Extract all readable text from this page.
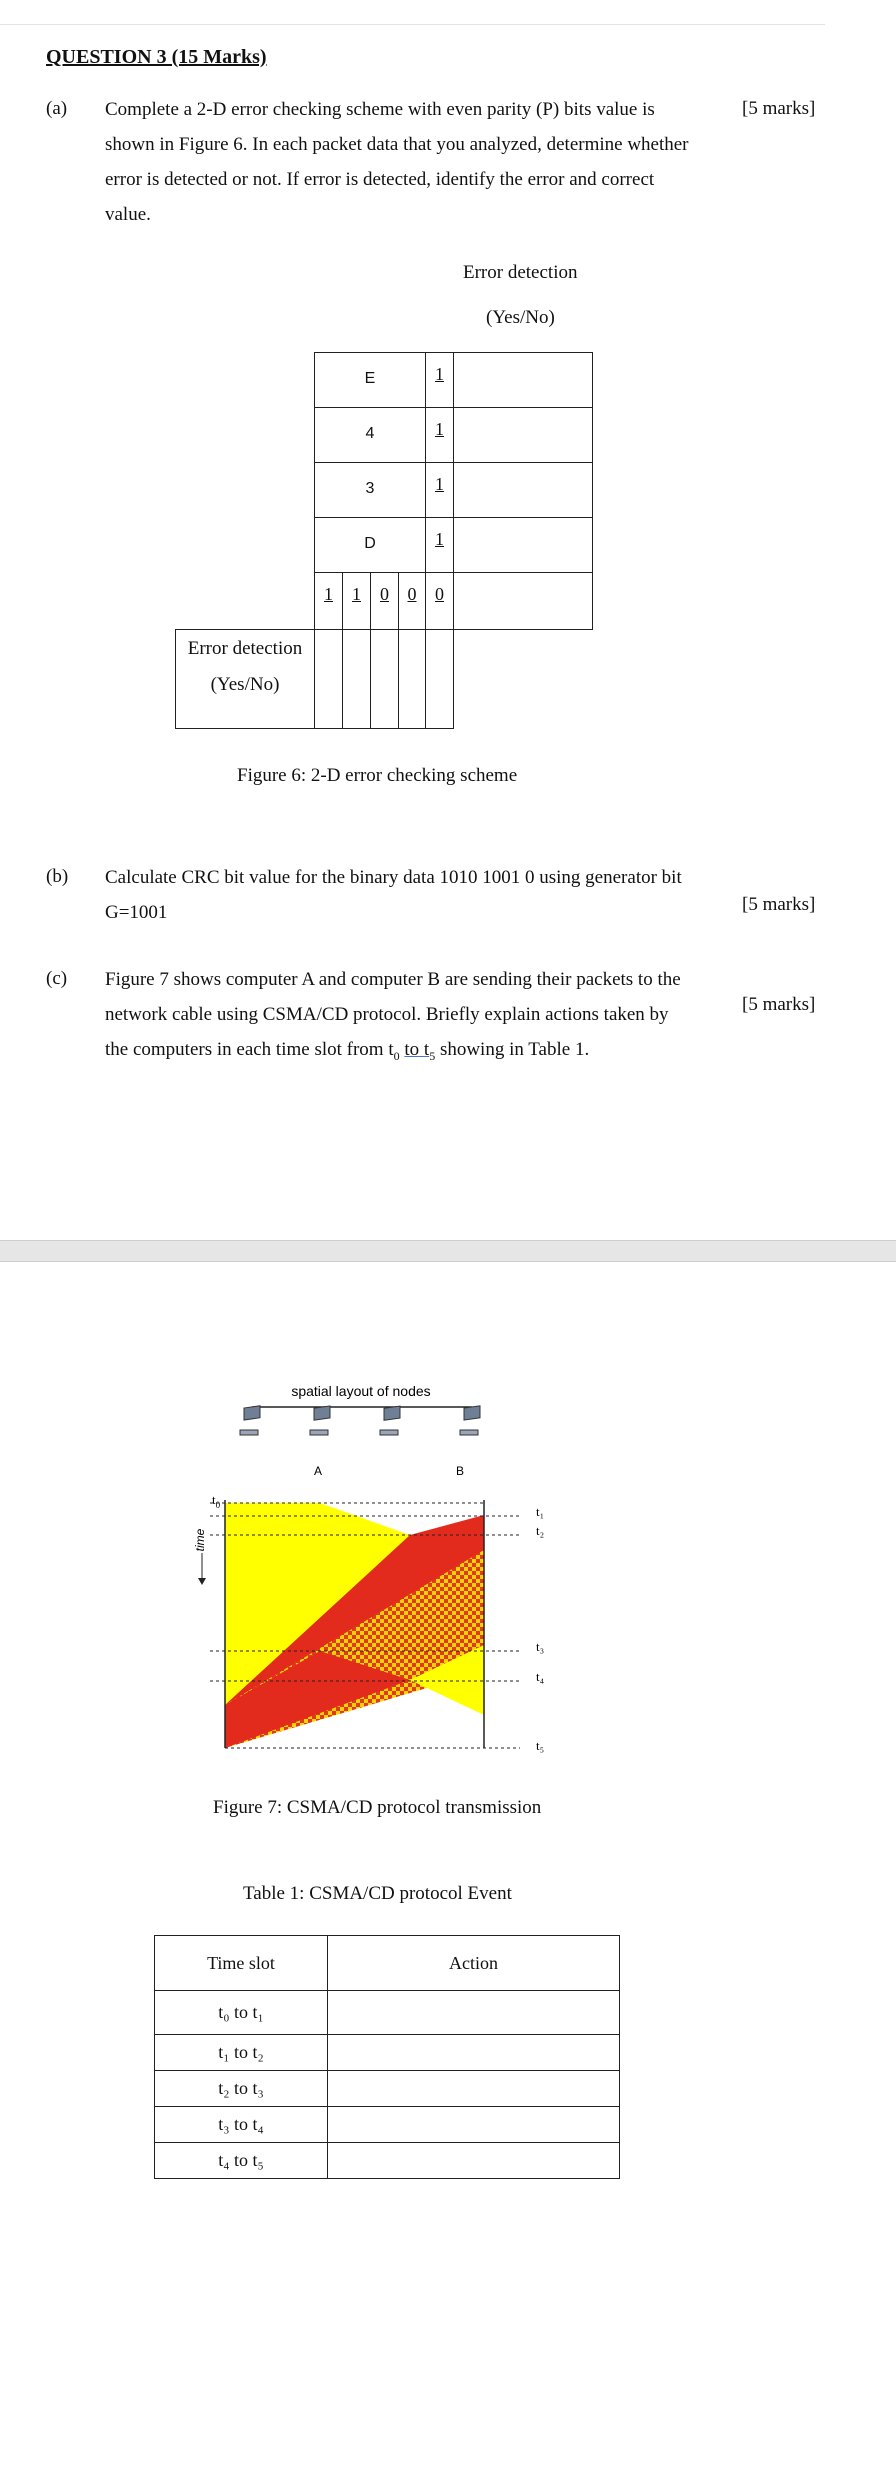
QUESTION 3 (15 Marks)
(a) Complete a 2-D error checking scheme with even parity (P) bits value is
shown in Figure 6. In each packet data that you analyzed, determine whether
error is detected or not. If error is detected, identify the error and correct
value.
[5 marks]
Error detection
(Yes/No)
E	1
4	1
3	1
D	1
1	1	0	0	0
Error detection
(Yes/No)
Figure 6: 2-D error checking scheme
(b) Calculate CRC bit value for the binary data 1010 1001 0 using generator bit
G=1001	[5 marks]
(c) Figure 7 shows computer A and computer B are sending their packets to the
network cable using CSMA/CD protocol. Briefly explain actions taken by
the computers in each time slot from $t_0$ to $t_5$ showing in Table 1.
[5 marks]
spatial layout of nodes
A	B
time
$t_0$	t₁
t₂
t₃
t₄
t₅
Figure 7: CSMA/CD protocol transmission
Table 1: CSMA/CD protocol Event
Time slot	Action
t₀ to t₁	
t₁ to t₂	
t₂ to t₃	
t₃ to t₄	
t₄ to t₅	
